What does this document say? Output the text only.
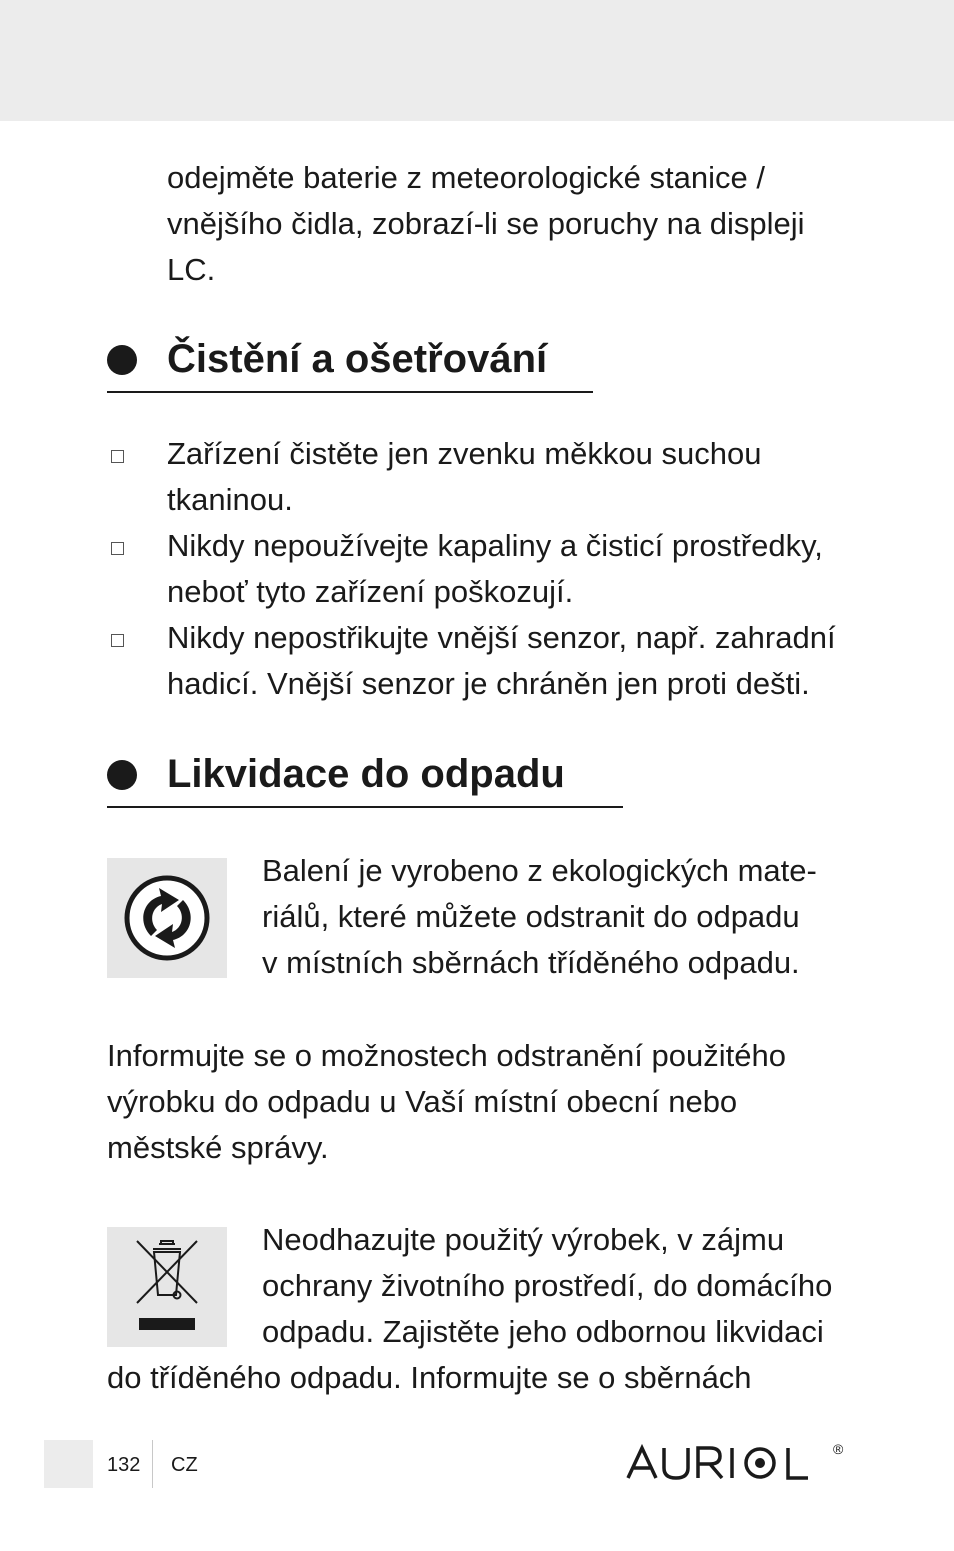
odejměte baterie z meteorologické stanice /
vnějšího čidla, zobrazí-li se poruchy na displeji
LC.

Čistění a ošetřování
Zařízení čistěte jen zvenku měkkou suchou
tkaninou.
Nikdy nepoužívejte kapaliny a čisticí prostředky,
neboť tyto zařízení poškozují.
Nikdy nepostřikujte vnější senzor, např. zahradní
hadicí. Vnější senzor je chráněn jen proti dešti.
Likvidace do odpadu

Balení je vyrobeno z ekologických mate-
riálů, které můžete odstranit do odpadu
v místních sběrnách tříděného odpadu.

Informujte se o možnostech odstranění použitého
výrobku do odpadu u Vaší místní obecní nebo
městské správy.

Neodhazujte použitý výrobek, v zájmu
ochrany životního prostředí, do domácího
odpadu. Zajistěte jeho odbornou likvidaci

do tříděného odpadu. Informujte se o sběrnách

132 CZ
AURIOL
®
